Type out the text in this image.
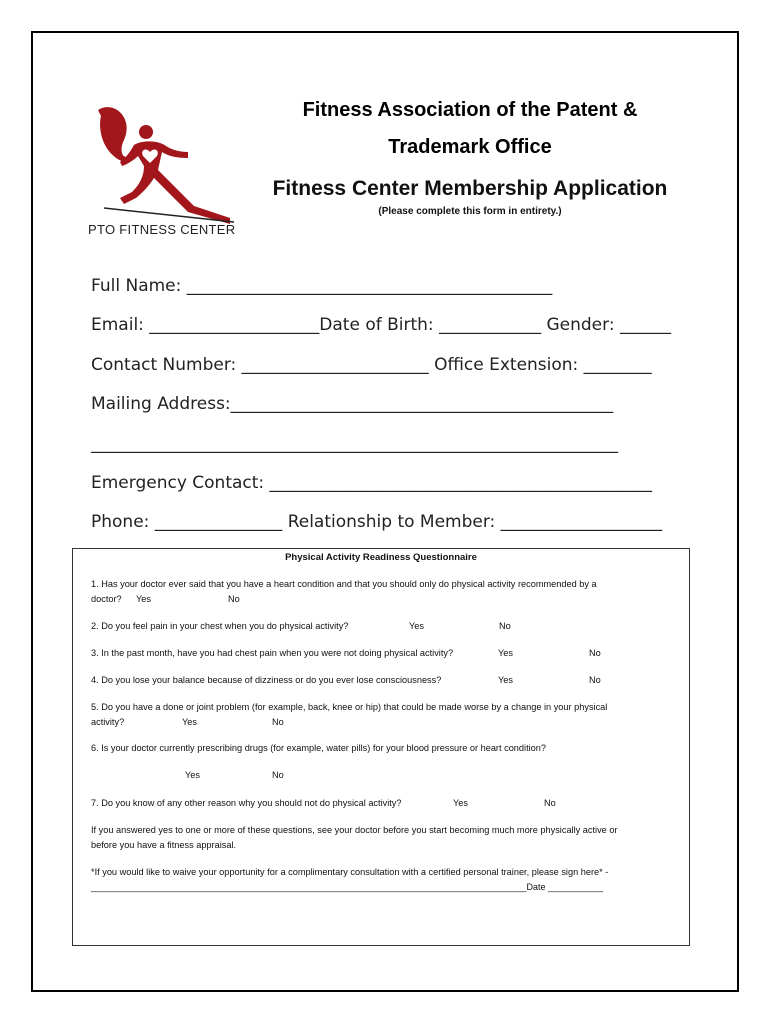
PTO FITNESS CENTER
Fitness Association of the Patent &
Trademark Office
Fitness Center Membership Application
(Please complete this form in entirety.)
Full Name: ___________________________________________
Email: ____________________Date of Birth: ____________ Gender: ______
Contact Number: ______________________ Office Extension: ________
Mailing Address:_____________________________________________
______________________________________________________________
Emergency Contact: _____________________________________________
Phone: _______________ Relationship to Member: ___________________
Physical Activity Readiness Questionnaire
1. Has your doctor ever said that you have a heart condition and that you should only do physical activity recommended by a
doctor? Yes	No
2. Do you feel pain in your chest when you do physical activity?	Yes	No
3. In the past month, have you had chest pain when you were not doing physical activity?	Yes	No
4. Do you lose your balance because of dizziness or do you ever lose consciousness?	Yes	No
5. Do you have a done or joint problem (for example, back, knee or hip) that could be made worse by a change in your physical
activity?	Yes	No
6. Is your doctor currently prescribing drugs (for example, water pills) for your blood pressure or heart condition?
Yes	No
7. Do you know of any other reason why you should not do physical activity?	Yes	No
If you answered yes to one or more of these questions, see your doctor before you start becoming much more physically active or
before you have a fitness appraisal.
*If you would like to waive your opportunity for a complimentary consultation with a certified personal trainer, please sign here* -
_______________________________________________________________________________________Date ___________
